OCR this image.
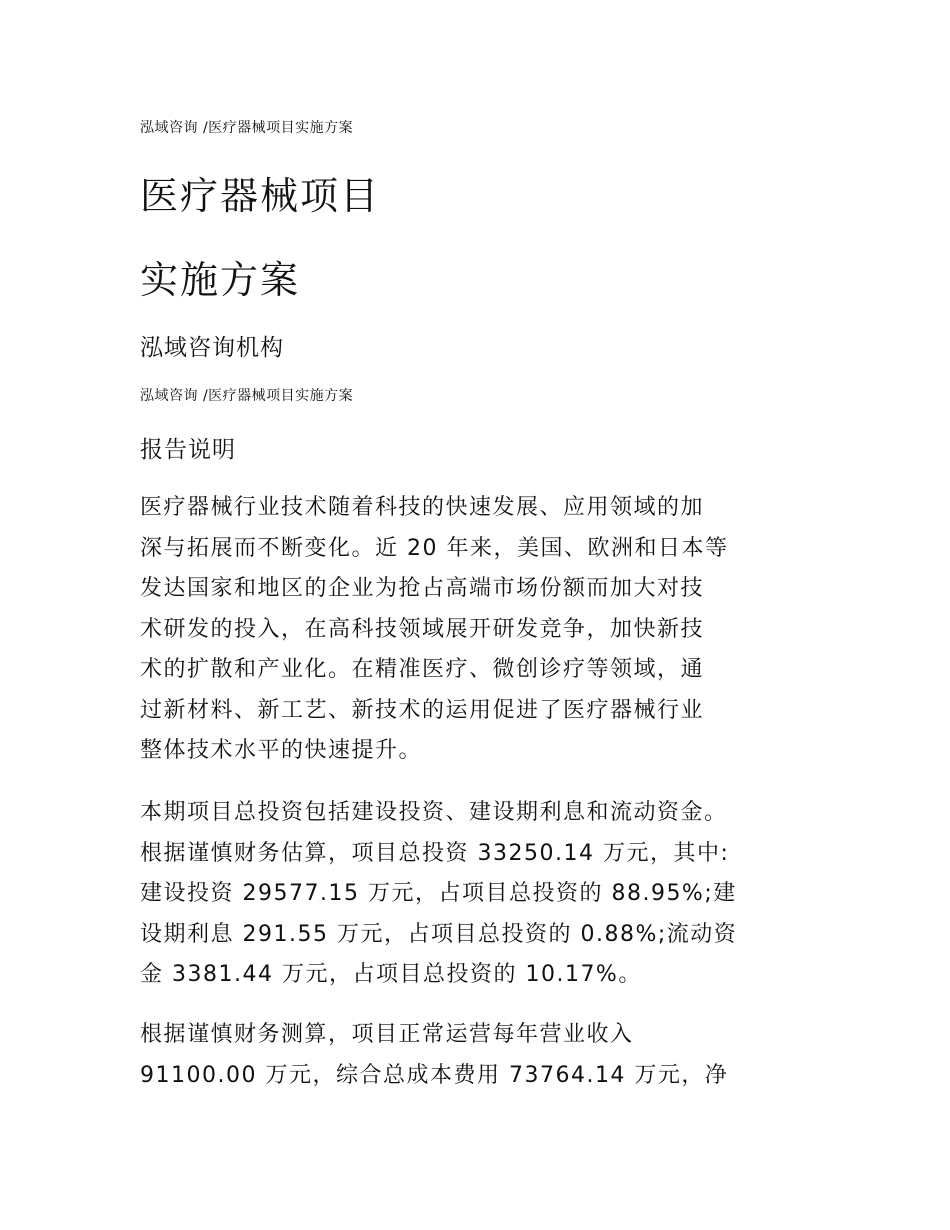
泓域咨询 /医疗器械项目实施方案
医疗器械项目
实施方案
泓域咨询机构
泓域咨询 /医疗器械项目实施方案
报告说明
医疗器械行业技术随着科技的快速发展、应用领域的加
深与拓展而不断变化。近 20 年来，美国、欧洲和日本等
发达国家和地区的企业为抢占高端市场份额而加大对技
术研发的投入，在高科技领域展开研发竞争，加快新技
术的扩散和产业化。在精准医疗、微创诊疗等领域，通
过新材料、新工艺、新技术的运用促进了医疗器械行业
整体技术水平的快速提升。
本期项目总投资包括建设投资、建设期利息和流动资金。
根据谨慎财务估算，项目总投资 33250.14 万元，其中:
建设投资 29577.15 万元，占项目总投资的 88.95%;建
设期利息 291.55 万元，占项目总投资的 0.88%;流动资
金 3381.44 万元，占项目总投资的 10.17%。
根据谨慎财务测算，项目正常运营每年营业收入
91100.00 万元，综合总成本费用 73764.14 万元，净
